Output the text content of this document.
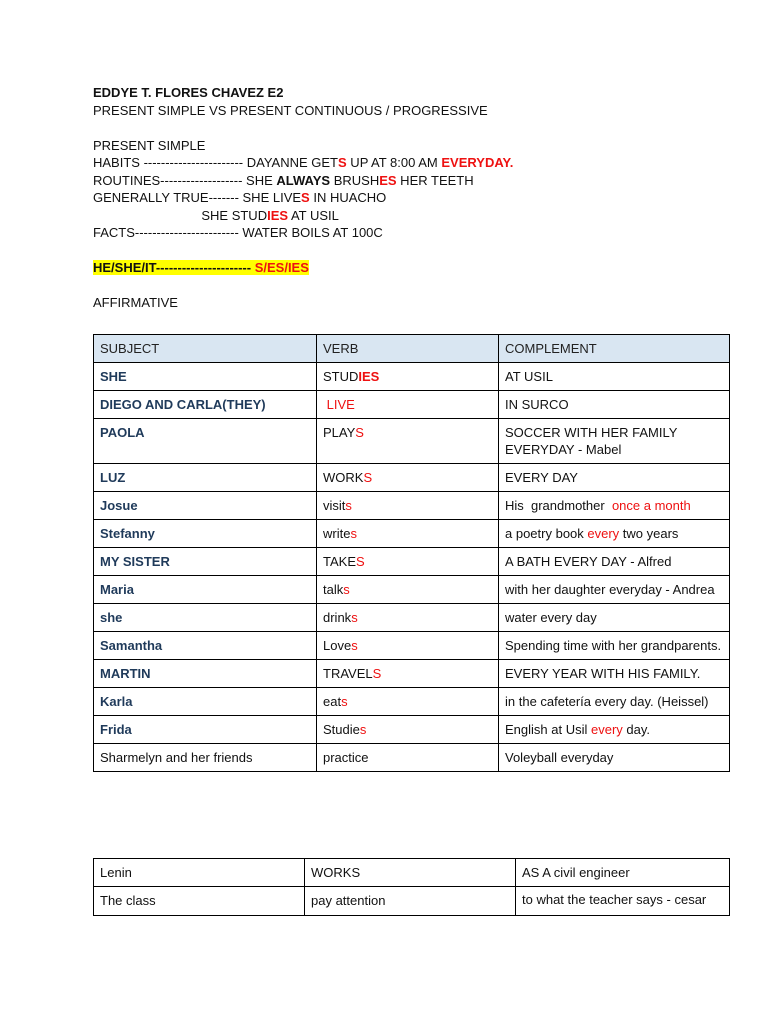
EDDYE T. FLORES CHAVEZ E2
PRESENT SIMPLE VS PRESENT CONTINUOUS / PROGRESSIVE
PRESENT SIMPLE
HABITS ----------------------- DAYANNE GETS UP AT 8:00 AM EVERYDAY.
ROUTINES------------------- SHE ALWAYS BRUSHES HER TEETH
GENERALLY TRUE------- SHE LIVES IN HUACHO
SHE STUDIES AT USIL
FACTS------------------------ WATER BOILS AT 100C
HE/SHE/IT---------------------- S/ES/IES
AFFIRMATIVE
SUBJECT	VERB	COMPLEMENT
SHE	STUDIES	AT USIL
DIEGO AND CARLA(THEY)	LIVE	IN SURCO
PAOLA	PLAYS	SOCCER WITH HER FAMILY EVERYDAY - Mabel
LUZ	WORKS	EVERY DAY
Josue	visits	His  grandmother  once a month
Stefanny	writes	a poetry book every two years
MY SISTER	TAKES	A BATH EVERY DAY - Alfred
Maria	talks	with her daughter everyday - Andrea
she	drinks	water every day
Samantha	Loves	Spending time with her grandparents.
MARTIN	TRAVELS	EVERY YEAR WITH HIS FAMILY.
Karla	eats	in the cafetería every day. (Heissel)
Frida	Studies	English at Usil every day.
Sharmelyn and her friends	practice	Voleyball everyday
Lenin	WORKS	AS A civil engineer
The class	pay attention	to what the teacher says - cesar
